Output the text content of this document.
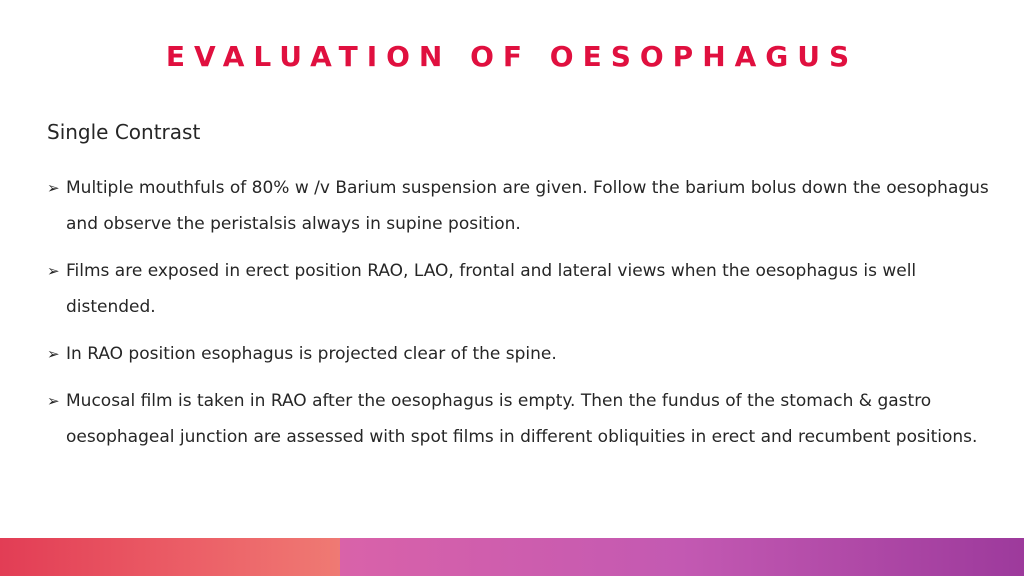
EVALUATION OF OESOPHAGUS
Single Contrast
➢ Multiple mouthfuls of 80% w /v Barium suspension are given. Follow the barium bolus down the oesophagus and observe the peristalsis always in supine position.
➢ Films are exposed in erect position RAO, LAO, frontal and lateral views when the oesophagus is well distended.
➢ In RAO position esophagus is projected clear of the spine.
➢ Mucosal film is taken in RAO after the oesophagus is empty. Then the fundus of the stomach & gastro oesophageal junction are assessed with spot films in different obliquities in erect and recumbent positions.
